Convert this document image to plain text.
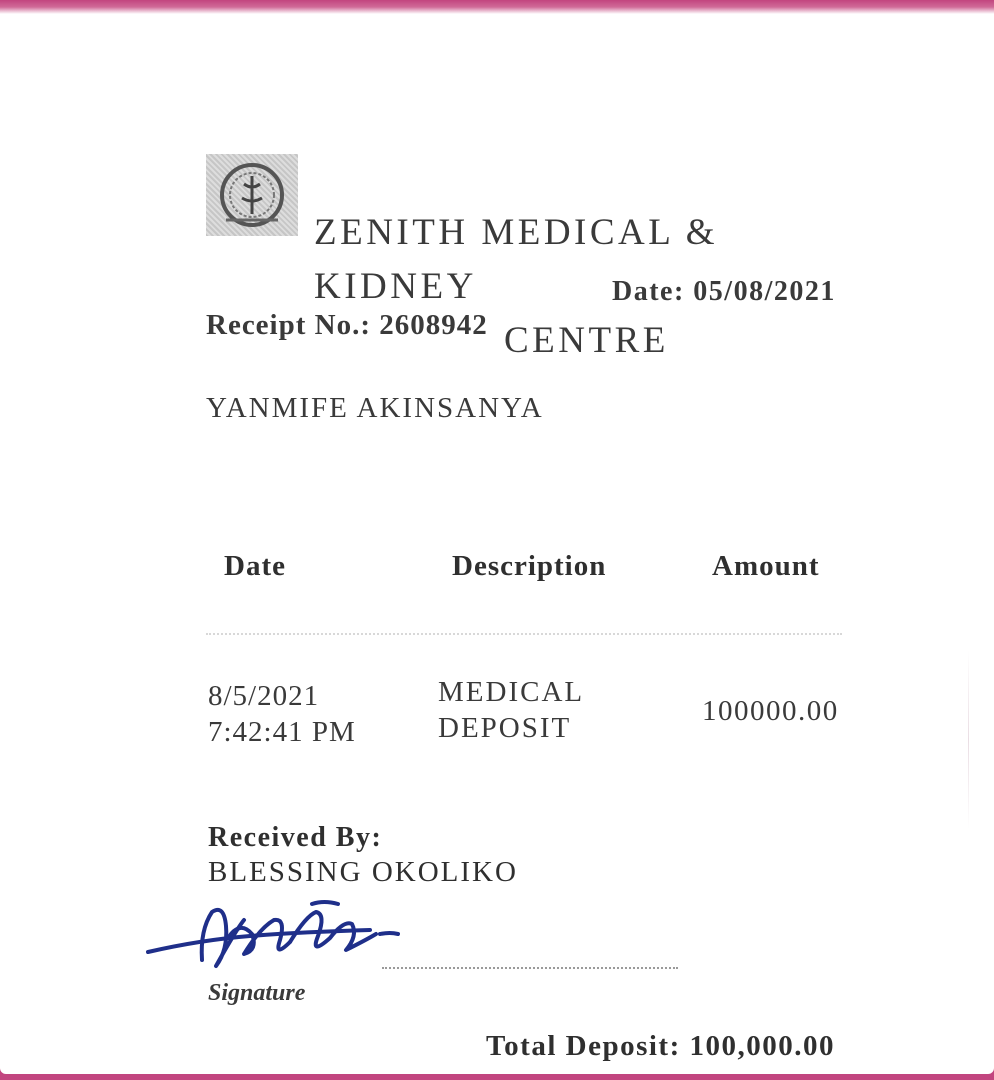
ZENITH MEDICAL & KIDNEY

CENTRE

Date: 05/08/2021
Receipt No.: 2608942
YANMIFE AKINSANYA
Date	Description	Amount
8/5/2021
7:42:41 PM
MEDICAL
DEPOSIT
100000.00
Received By:
BLESSING OKOLIKO
Signature
Total Deposit: 100,000.00
